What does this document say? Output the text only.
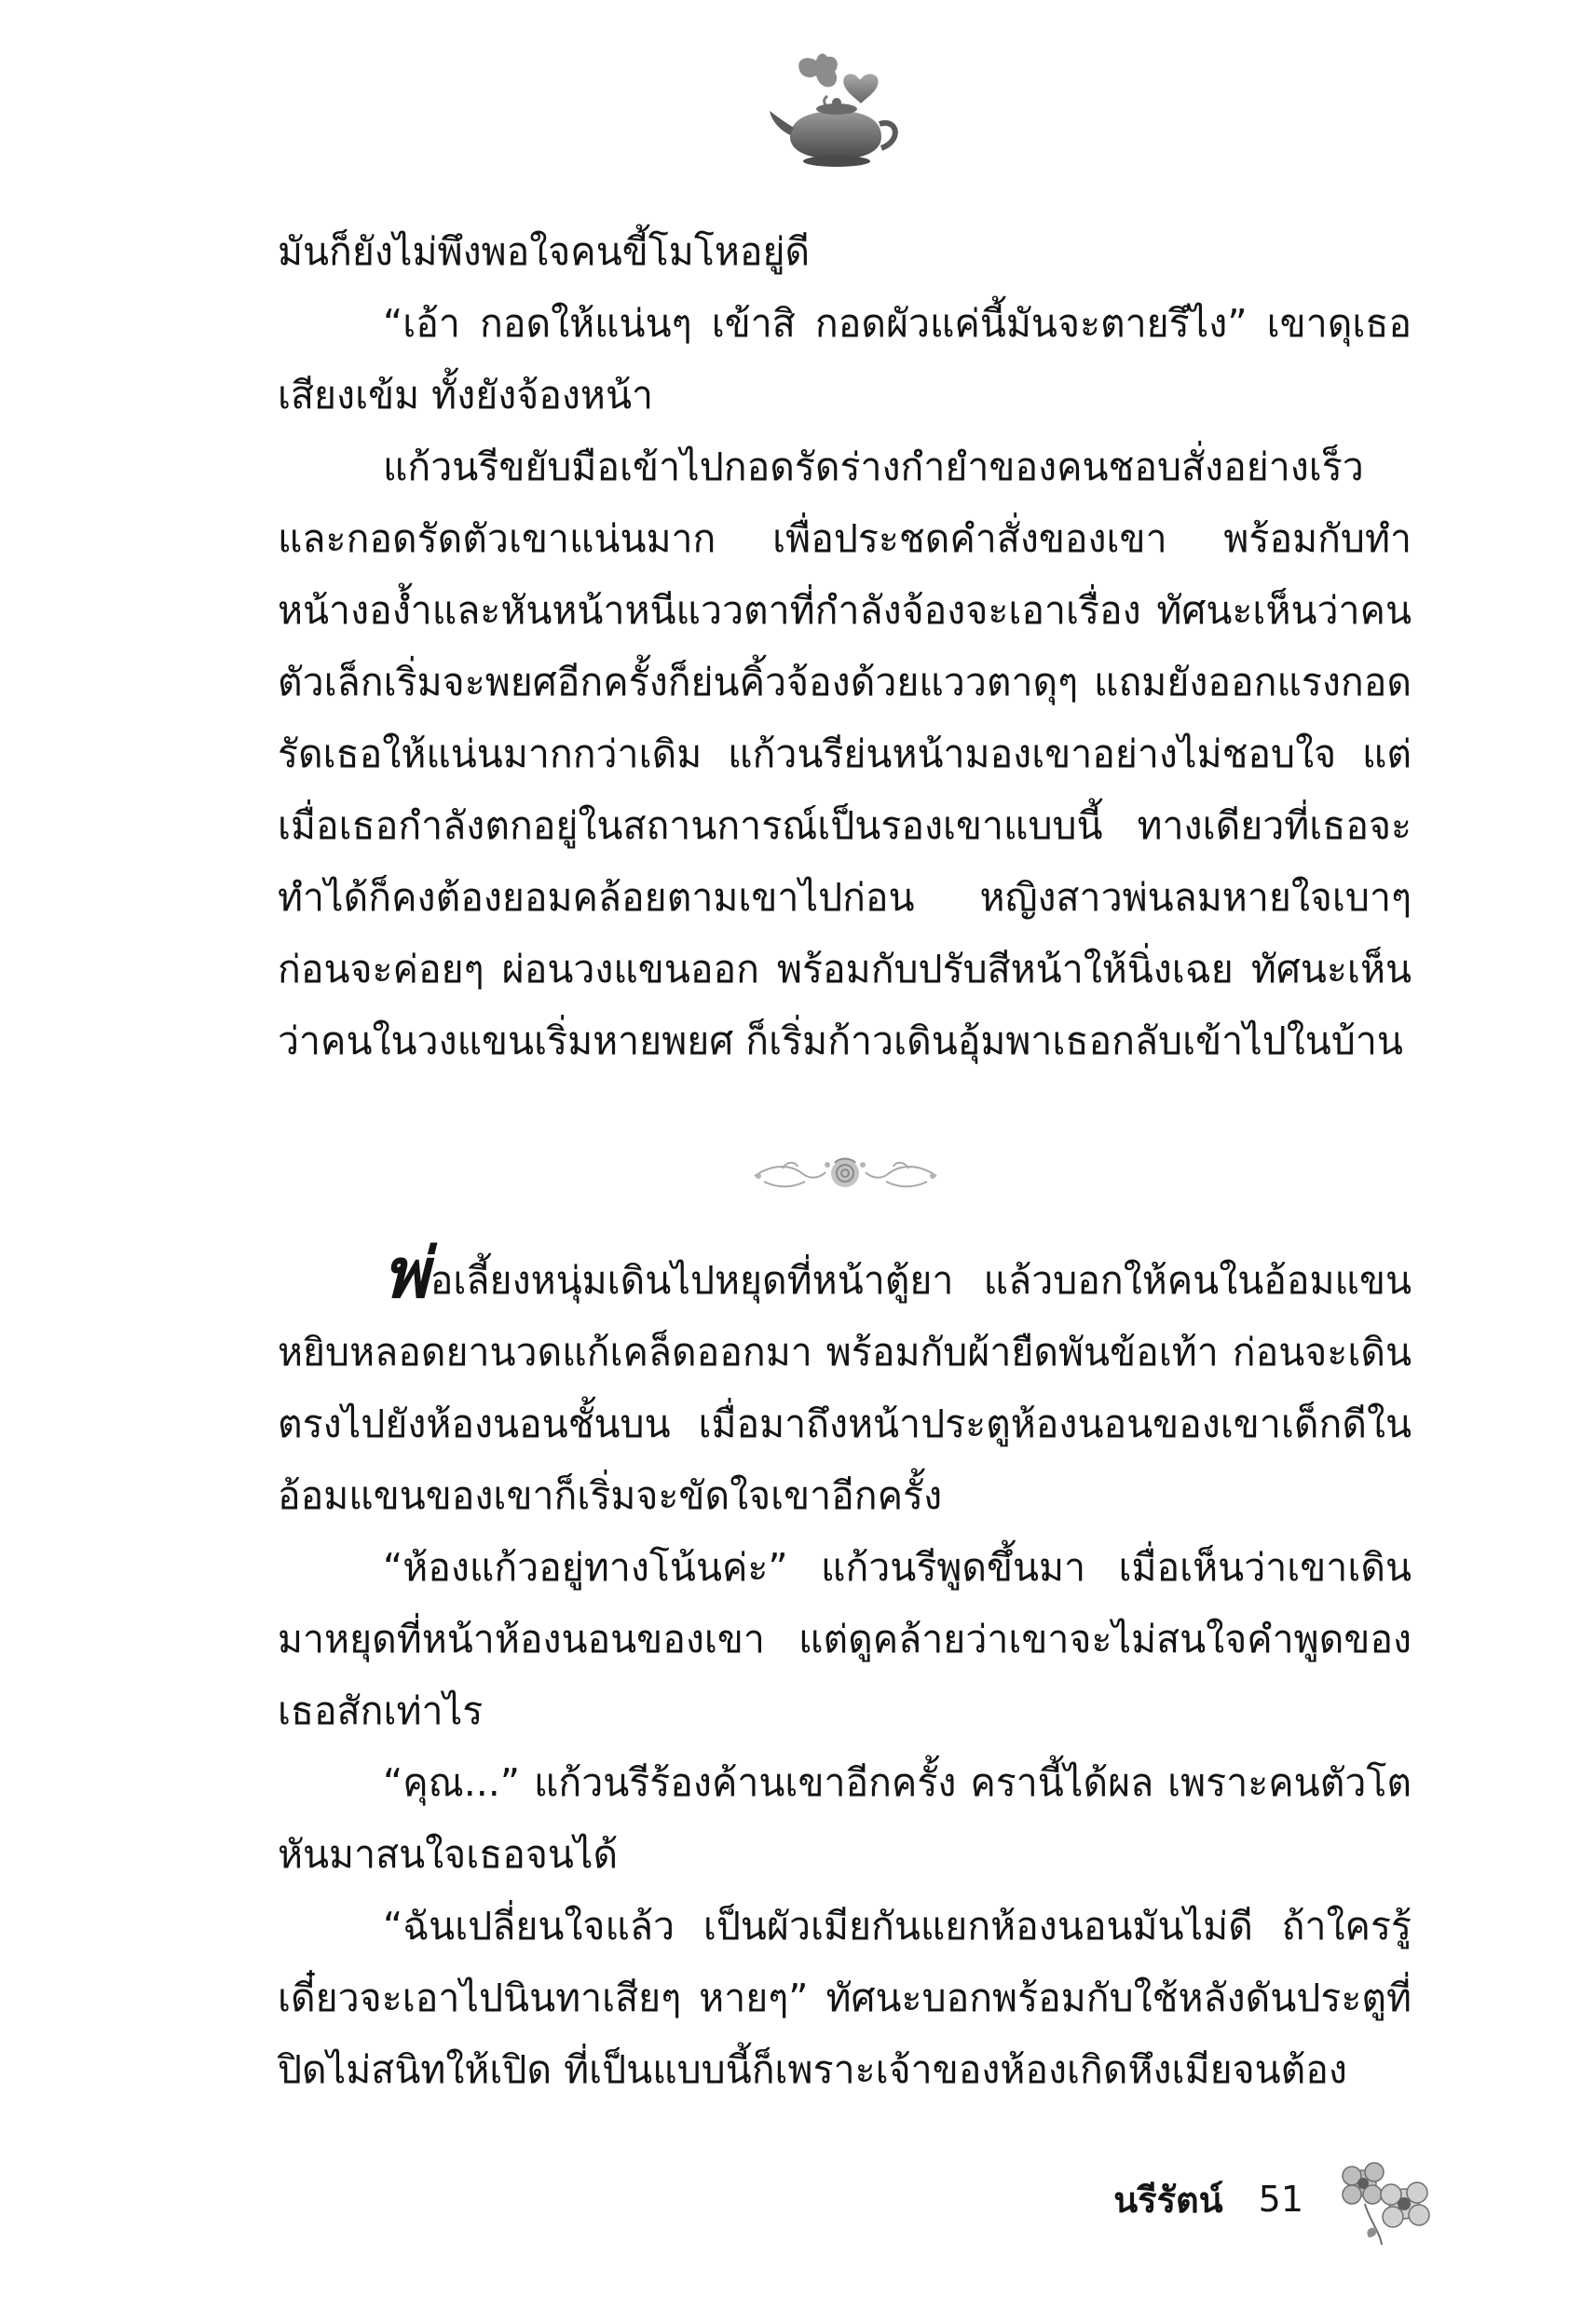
มันก็ยังไม่พึงพอใจคนขี้โมโหอยู่ดี

“เอ้า กอดให้แน่นๆ เข้าสิ กอดผัวแค่นี้มันจะตายรึไง” เขาดุเธอเสียงเข้ม ทั้งยังจ้องหน้า

แก้วนรีขยับมือเข้าไปกอดรัดร่างกำยำของคนชอบสั่งอย่างเร็ว และกอดรัดตัวเขาแน่นมาก เพื่อประชดคำสั่งของเขา พร้อมกับทำหน้างอง้ำและหันหน้าหนีแววตาที่กำลังจ้องจะเอาเรื่อง ทัศนะเห็นว่าคนตัวเล็กเริ่มจะพยศอีกครั้งก็ย่นคิ้วจ้องด้วยแววตาดุๆ แถมยังออกแรงกอดรัดเธอให้แน่นมากกว่าเดิม แก้วนรีย่นหน้ามองเขาอย่างไม่ชอบใจ แต่เมื่อเธอกำลังตกอยู่ในสถานการณ์เป็นรองเขาแบบนี้ ทางเดียวที่เธอจะทำได้ก็คงต้องยอมคล้อยตามเขาไปก่อน หญิงสาวพ่นลมหายใจเบาๆ ก่อนจะค่อยๆ ผ่อนวงแขนออก พร้อมกับปรับสีหน้าให้นิ่งเฉย ทัศนะเห็นว่าคนในวงแขนเริ่มหายพยศ ก็เริ่มก้าวเดินอุ้มพาเธอกลับเข้าไปในบ้าน

พ่อเลี้ยงหนุ่มเดินไปหยุดที่หน้าตู้ยา แล้วบอกให้คนในอ้อมแขนหยิบหลอดยานวดแก้เคล็ดออกมา พร้อมกับผ้ายืดพันข้อเท้า ก่อนจะเดินตรงไปยังห้องนอนชั้นบน เมื่อมาถึงหน้าประตูห้องนอนของเขาเด็กดีในอ้อมแขนของเขาก็เริ่มจะขัดใจเขาอีกครั้ง

“ห้องแก้วอยู่ทางโน้นค่ะ” แก้วนรีพูดขึ้นมา เมื่อเห็นว่าเขาเดินมาหยุดที่หน้าห้องนอนของเขา แต่ดูคล้ายว่าเขาจะไม่สนใจคำพูดของเธอสักเท่าไร

“คุณ...” แก้วนรีร้องค้านเขาอีกครั้ง ครานี้ได้ผล เพราะคนตัวโตหันมาสนใจเธอจนได้

“ฉันเปลี่ยนใจแล้ว เป็นผัวเมียกันแยกห้องนอนมันไม่ดี ถ้าใครรู้เดี๋ยวจะเอาไปนินทาเสียๆ หายๆ” ทัศนะบอกพร้อมกับใช้หลังดันประตูที่ปิดไม่สนิทให้เปิด ที่เป็นแบบนี้ก็เพราะเจ้าของห้องเกิดหึงเมียจนต้อง

นรีรัตน์ 51
